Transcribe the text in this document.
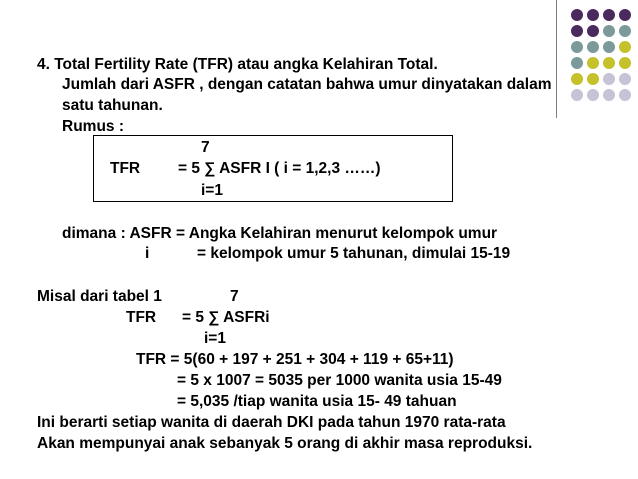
4. Total Fertility Rate (TFR) atau angka Kelahiran Total.
Jumlah dari ASFR , dengan catatan bahwa umur dinyatakan dalam
satu tahunan.
Rumus :
7
TFR = 5 ∑ ASFR I ( i = 1,2,3 ……)
i=1
dimana : ASFR = Angka Kelahiran menurut kelompok umur
i	= kelompok umur 5 tahunan, dimulai 15-19
Misal dari tabel 1	7
TFR = 5 ∑ ASFRi
i=1
TFR = 5(60 + 197 + 251 + 304 + 119 + 65+11)
= 5 x 1007 = 5035 per 1000 wanita usia 15-49
= 5,035 /tiap wanita usia 15- 49 tahuan
Ini berarti setiap wanita di daerah DKI pada tahun 1970 rata-rata
Akan mempunyai anak sebanyak 5 orang di akhir masa reproduksi.
